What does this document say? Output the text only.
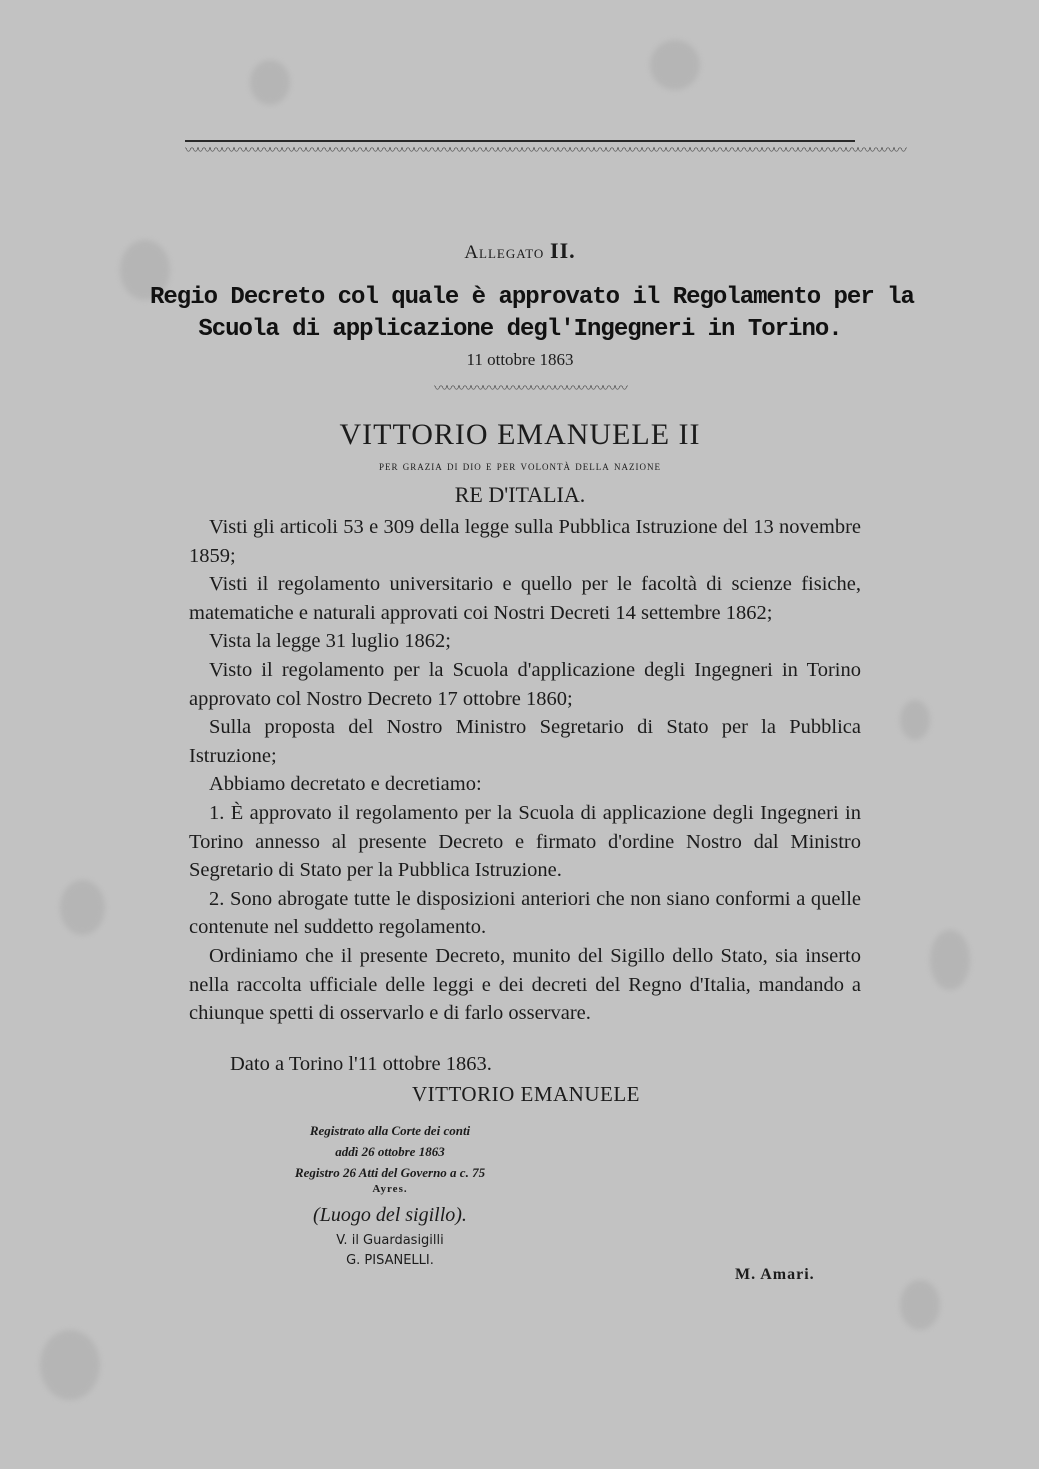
〰〰〰〰〰〰〰〰〰〰〰〰〰〰〰〰〰〰〰〰〰〰〰〰〰〰〰〰〰〰〰〰〰〰〰〰〰〰〰〰〰〰〰〰〰〰〰〰〰〰〰〰〰〰〰〰〰〰〰〰
Allegato II.
Regio Decreto col quale è approvato il Regolamento per la
Scuola di applicazione degl'Ingegneri in Torino.
11 ottobre 1863
〰〰〰〰〰〰〰〰〰〰〰〰〰〰〰〰
VITTORIO EMANUELE II
per grazia di dio e per volontà della nazione
RE D'ITALIA.

Visti gli articoli 53 e 309 della legge sulla Pubblica Istruzione del 13 novembre 1859;

Visti il regolamento universitario e quello per le facoltà di scienze fisiche, matematiche e naturali approvati coi Nostri Decreti 14 settembre 1862;

Vista la legge 31 luglio 1862;

Visto il regolamento per la Scuola d'applicazione degli Ingegneri in Torino approvato col Nostro Decreto 17 ottobre 1860;

Sulla proposta del Nostro Ministro Segretario di Stato per la Pubblica Istruzione;

Abbiamo decretato e decretiamo:

1. È approvato il regolamento per la Scuola di applicazione degli Ingegneri in Torino annesso al presente Decreto e firmato d'ordine Nostro dal Ministro Segretario di Stato per la Pubblica Istruzione.

2. Sono abrogate tutte le disposizioni anteriori che non siano conformi a quelle contenute nel suddetto regolamento.

Ordiniamo che il presente Decreto, munito del Sigillo dello Stato, sia inserto nella raccolta ufficiale delle leggi e dei decreti del Regno d'Italia, mandando a chiunque spetti di osservarlo e di farlo osservare.

Dato a Torino l'11 ottobre 1863.
VITTORIO EMANUELE
Registrato alla Corte dei conti
addì 26 ottobre 1863
Registro 26 Atti del Governo a c. 75
Ayres.
(Luogo del sigillo).
V. il Guardasigilli
G. PISANELLI.
M. Amari.
